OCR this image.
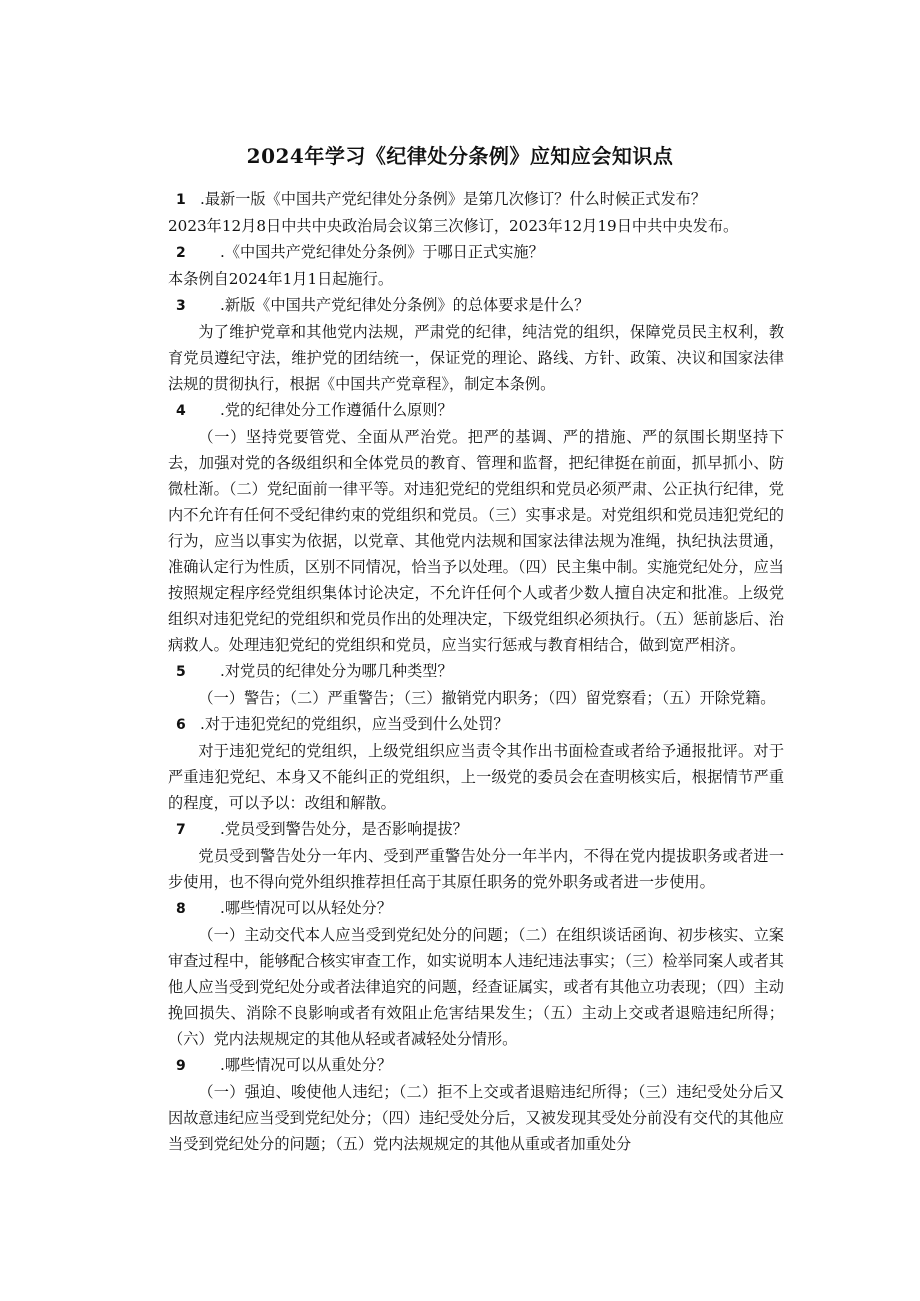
2024年学习《纪律处分条例》应知应会知识点
1 .最新一版《中国共产党纪律处分条例》是第几次修订？什么时候正式发布？
2023年12月8日中共中央政治局会议第三次修订，2023年12月19日中共中央发布。
2	.《中国共产党纪律处分条例》于哪日正式实施？
本条例自2024年1月1日起施行。
3	.新版《中国共产党纪律处分条例》的总体要求是什么？
为了维护党章和其他党内法规，严肃党的纪律，纯洁党的组织，保障党员民主权利，教育党员遵纪守法，维护党的团结统一，保证党的理论、路线、方针、政策、决议和国家法律法规的贯彻执行，根据《中国共产党章程》，制定本条例。
4	.党的纪律处分工作遵循什么原则？
（一）坚持党要管党、全面从严治党。把严的基调、严的措施、严的氛围长期坚持下去，加强对党的各级组织和全体党员的教育、管理和监督，把纪律挺在前面，抓早抓小、防微杜渐。（二）党纪面前一律平等。对违犯党纪的党组织和党员必须严肃、公正执行纪律，党内不允许有任何不受纪律约束的党组织和党员。（三）实事求是。对党组织和党员违犯党纪的行为，应当以事实为依据，以党章、其他党内法规和国家法律法规为准绳，执纪执法贯通，准确认定行为性质，区别不同情况，恰当予以处理。（四）民主集中制。实施党纪处分，应当按照规定程序经党组织集体讨论决定，不允许任何个人或者少数人擅自决定和批准。上级党组织对违犯党纪的党组织和党员作出的处理决定，下级党组织必须执行。（五）惩前毖后、治病救人。处理违犯党纪的党组织和党员，应当实行惩戒与教育相结合，做到宽严相济。
5	.对党员的纪律处分为哪几种类型？
（一）警告；（二）严重警告；（三）撤销党内职务；（四）留党察看；（五）开除党籍。
6 .对于违犯党纪的党组织，应当受到什么处罚？
对于违犯党纪的党组织，上级党组织应当责令其作出书面检查或者给予通报批评。对于严重违犯党纪、本身又不能纠正的党组织，上一级党的委员会在查明核实后，根据情节严重的程度，可以予以：改组和解散。
7	.党员受到警告处分，是否影响提拔？
党员受到警告处分一年内、受到严重警告处分一年半内，不得在党内提拔职务或者进一步使用，也不得向党外组织推荐担任高于其原任职务的党外职务或者进一步使用。
8	.哪些情况可以从轻处分？
（一）主动交代本人应当受到党纪处分的问题；（二）在组织谈话函询、初步核实、立案审查过程中，能够配合核实审查工作，如实说明本人违纪违法事实；（三）检举同案人或者其他人应当受到党纪处分或者法律追究的问题，经查证属实，或者有其他立功表现；（四）主动挽回损失、消除不良影响或者有效阻止危害结果发生；（五）主动上交或者退赔违纪所得；（六）党内法规规定的其他从轻或者减轻处分情形。
9	.哪些情况可以从重处分？
（一）强迫、唆使他人违纪；（二）拒不上交或者退赔违纪所得；（三）违纪受处分后又因故意违纪应当受到党纪处分；（四）违纪受处分后，又被发现其受处分前没有交代的其他应当受到党纪处分的问题；（五）党内法规规定的其他从重或者加重处分
